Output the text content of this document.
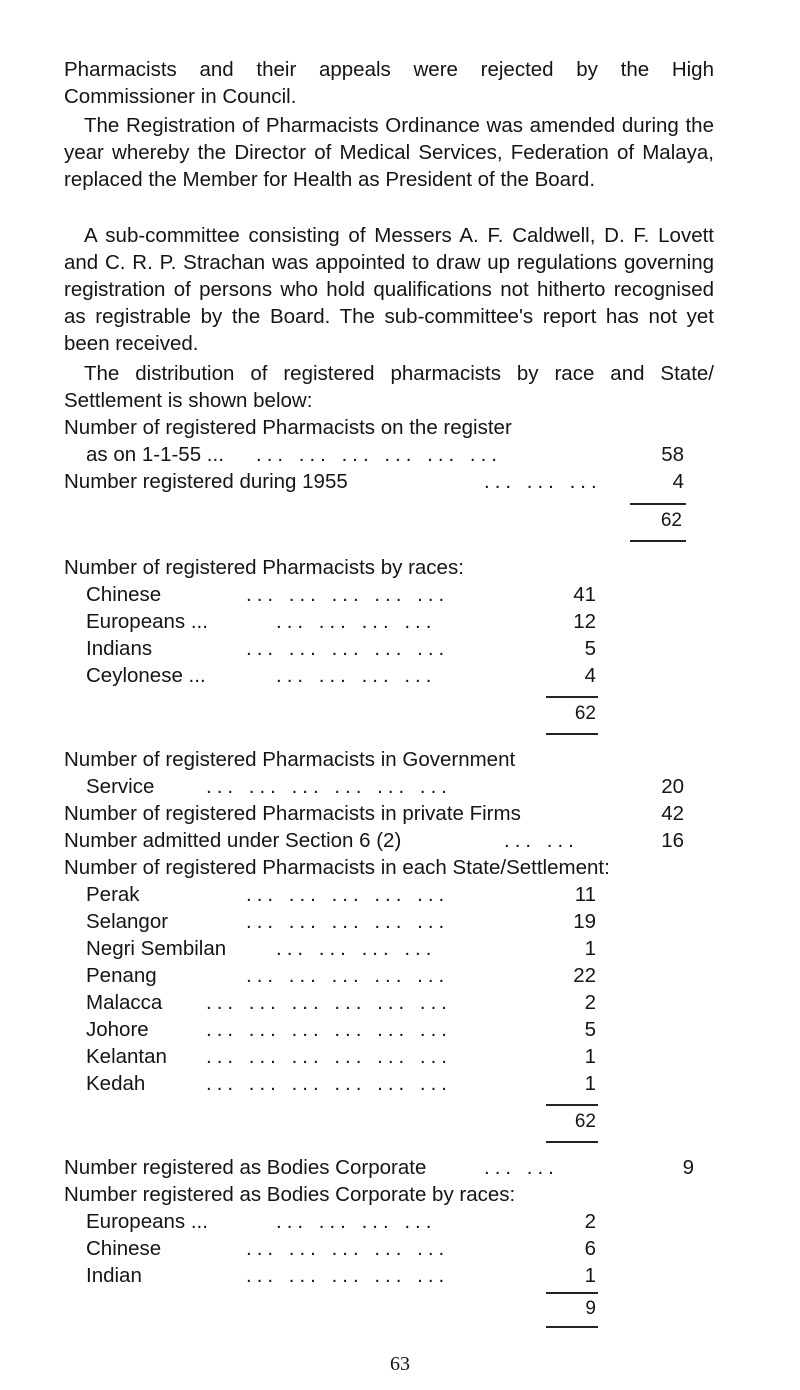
Pharmacists and their appeals were rejected by the High Commissioner in Council.

The Registration of Pharmacists Ordinance was amended during the year whereby the Director of Medical Services, Federation of Malaya, replaced the Member for Health as President of the Board.

A sub-committee consisting of Messers A. F. Caldwell, D. F. Lovett and C. R. P. Strachan was appointed to draw up regulations governing registration of persons who hold qualifications not hitherto recognised as registrable by the Board. The sub-committee's report has not yet been received.

The distribution of registered pharmacists by race and State/ Settlement is shown below:

Number of registered Pharmacists on the register
as on 1-1-55 ... ... ... ... ... ... ...	58
Number registered during 1955	... ... ...	4
62
Number of registered Pharmacists by races:
Chinese	... ... ... ... ...	41
Europeans ...	... ... ... ...	12
Indians	... ... ... ... ...	5
Ceylonese ...	... ... ... ...	4
62
Number of registered Pharmacists in Government
Service	... ... ... ... ... ...	20
Number of registered Pharmacists in private Firms	42
Number admitted under Section 6 (2)	... ...	16
Number of registered Pharmacists in each State/Settlement:
Perak	... ... ... ... ...	11
Selangor	... ... ... ... ...	19
Negri Sembilan ... ... ... ...	1
Penang	... ... ... ... ...	22
Malacca ... ... ... ... ... ...	2
Johore	... ... ... ... ... ...	5
Kelantan ... ... ... ... ... ...	1
Kedah	... ... ... ... ... ...	1
62
Number registered as Bodies Corporate	... ...	9
Number registered as Bodies Corporate by races:
Europeans ...	... ... ... ...	2
Chinese	... ... ... ... ...	6
Indian	... ... ... ... ...	1
9
63
